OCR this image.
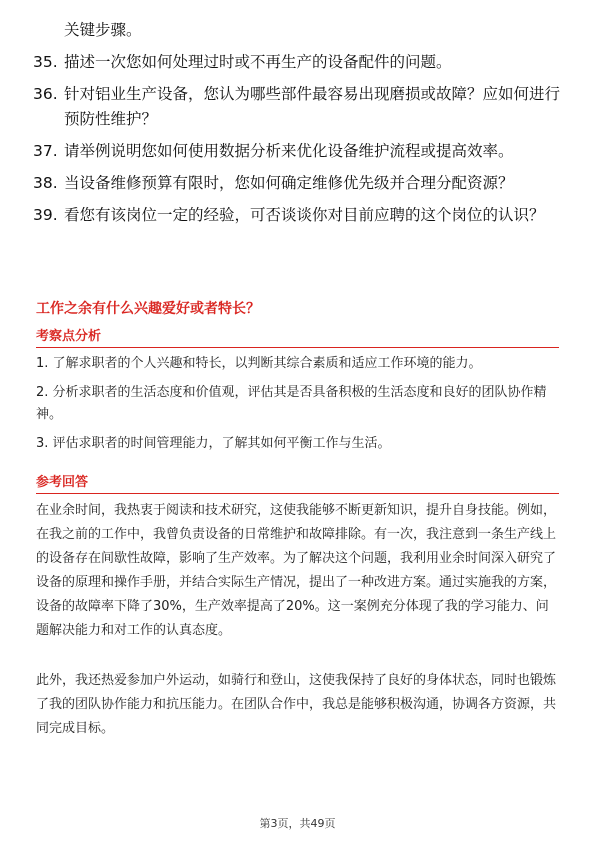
关键步骤。
35. 描述一次您如何处理过时或不再生产的设备配件的问题。
36. 针对铝业生产设备，您认为哪些部件最容易出现磨损或故障？应如何进行预防性维护？
37. 请举例说明您如何使用数据分析来优化设备维护流程或提高效率。
38. 当设备维修预算有限时，您如何确定维修优先级并合理分配资源？
39. 看您有该岗位一定的经验，可否谈谈你对目前应聘的这个岗位的认识？
工作之余有什么兴趣爱好或者特长？
考察点分析

1. 了解求职者的个人兴趣和特长，以判断其综合素质和适应工作环境的能力。

2. 分析求职者的生活态度和价值观，评估其是否具备积极的生活态度和良好的团队协作精神。

3. 评估求职者的时间管理能力，了解其如何平衡工作与生活。

参考回答

在业余时间，我热衷于阅读和技术研究，这使我能够不断更新知识，提升自身技能。例如，在我之前的工作中，我曾负责设备的日常维护和故障排除。有一次，我注意到一条生产线上的设备存在间歇性故障，影响了生产效率。为了解决这个问题，我利用业余时间深入研究了设备的原理和操作手册，并结合实际生产情况，提出了一种改进方案。通过实施我的方案，设备的故障率下降了30%，生产效率提高了20%。这一案例充分体现了我的学习能力、问题解决能力和对工作的认真态度。

此外，我还热爱参加户外运动，如骑行和登山，这使我保持了良好的身体状态，同时也锻炼了我的团队协作能力和抗压能力。在团队合作中，我总是能够积极沟通，协调各方资源，共同完成目标。

第3页，共49页
